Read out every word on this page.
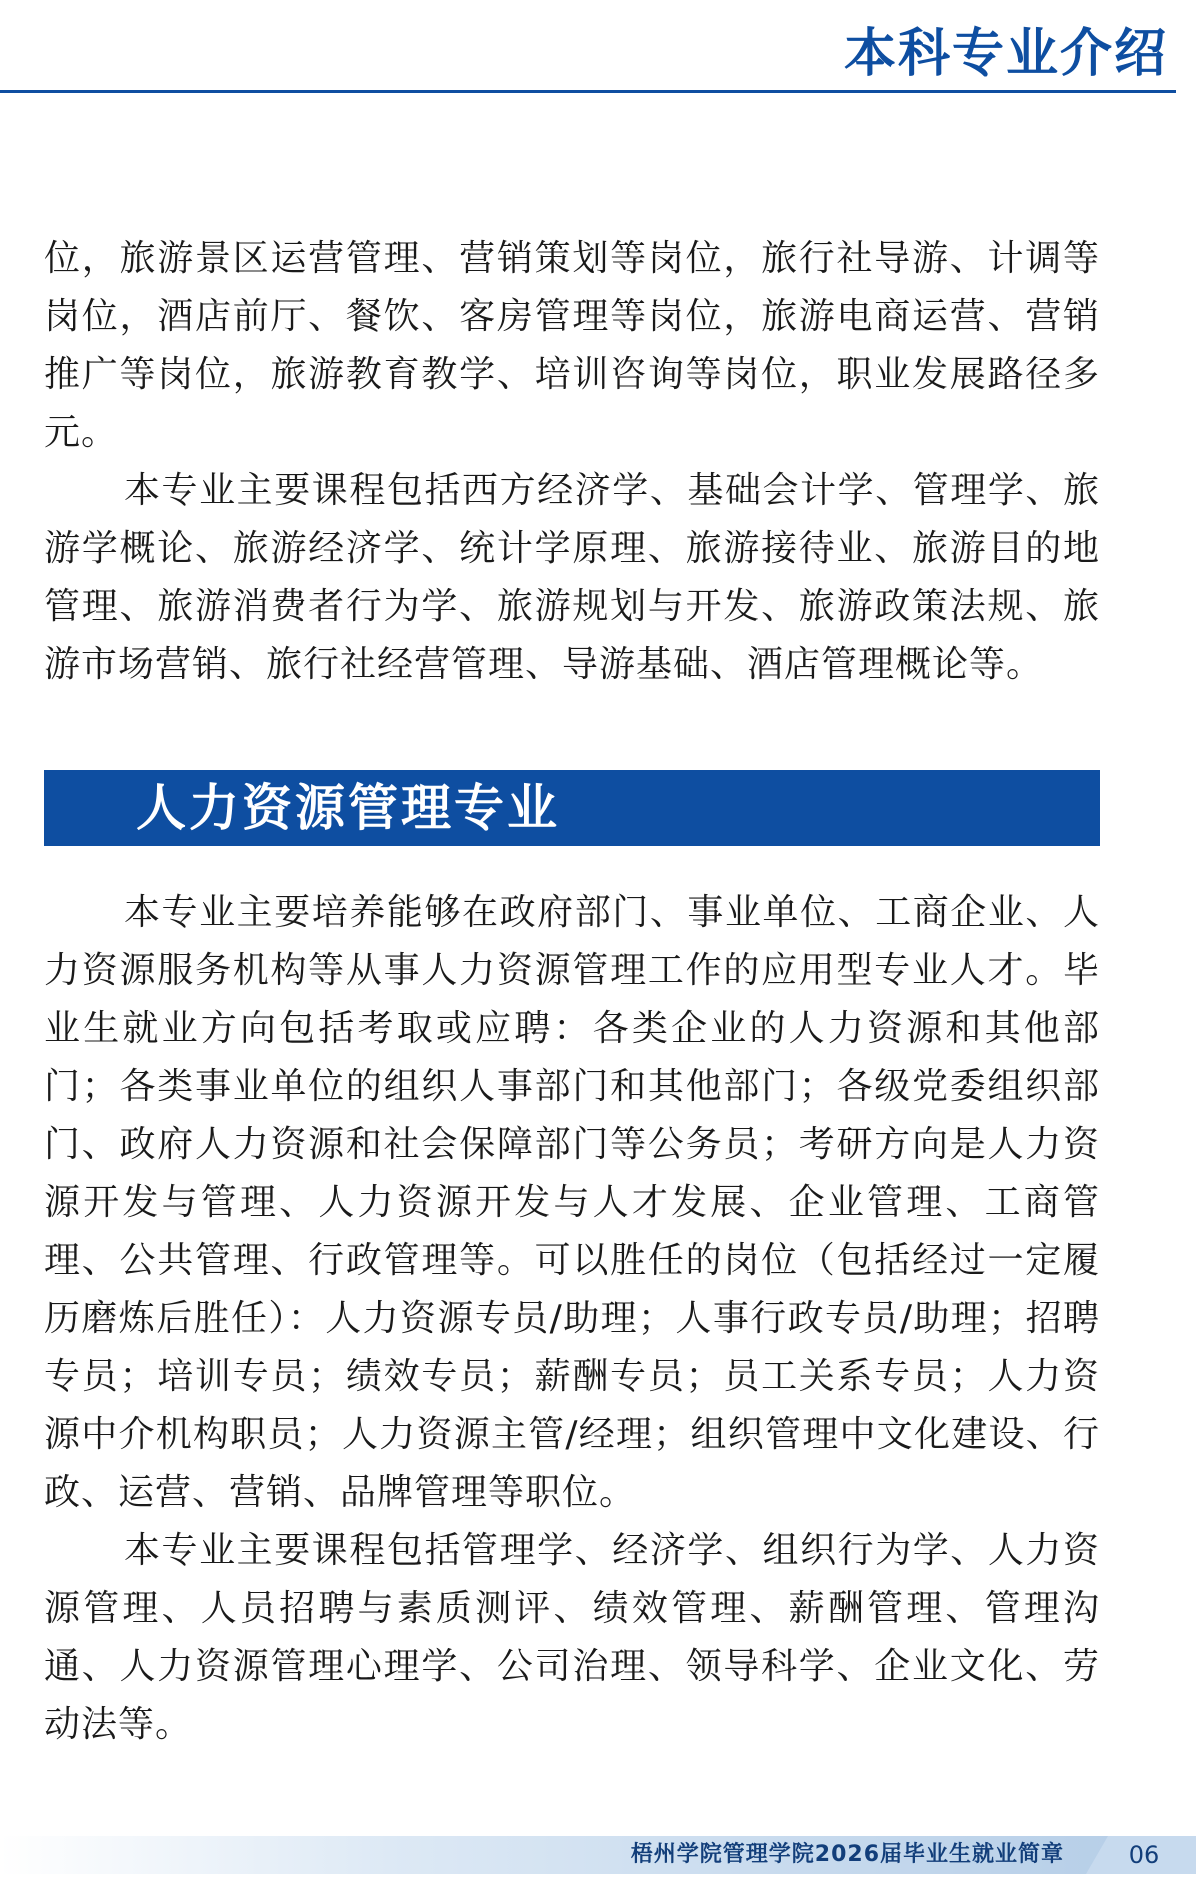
本科专业介绍

位，旅游景区运营管理、营销策划等岗位，旅行社导游、计调等岗位，酒店前厅、餐饮、客房管理等岗位，旅游电商运营、营销推广等岗位，旅游教育教学、培训咨询等岗位，职业发展路径多元。

本专业主要课程包括西方经济学、基础会计学、管理学、旅游学概论、旅游经济学、统计学原理、旅游接待业、旅游目的地管理、旅游消费者行为学、旅游规划与开发、旅游政策法规、旅游市场营销、旅行社经营管理、导游基础、酒店管理概论等。

人力资源管理专业

本专业主要培养能够在政府部门、事业单位、工商企业、人力资源服务机构等从事人力资源管理工作的应用型专业人才。毕业生就业方向包括考取或应聘：各类企业的人力资源和其他部门；各类事业单位的组织人事部门和其他部门；各级党委组织部门、政府人力资源和社会保障部门等公务员；考研方向是人力资源开发与管理、人力资源开发与人才发展、企业管理、工商管理、公共管理、行政管理等。可以胜任的岗位（包括经过一定履历磨炼后胜任）：人力资源专员/助理；人事行政专员/助理；招聘专员；培训专员；绩效专员；薪酬专员；员工关系专员；人力资源中介机构职员；人力资源主管/经理；组织管理中文化建设、行政、运营、营销、品牌管理等职位。

本专业主要课程包括管理学、经济学、组织行为学、人力资源管理、人员招聘与素质测评、绩效管理、薪酬管理、管理沟通、人力资源管理心理学、公司治理、领导科学、企业文化、劳动法等。

梧州学院管理学院2026届毕业生就业简章	06
